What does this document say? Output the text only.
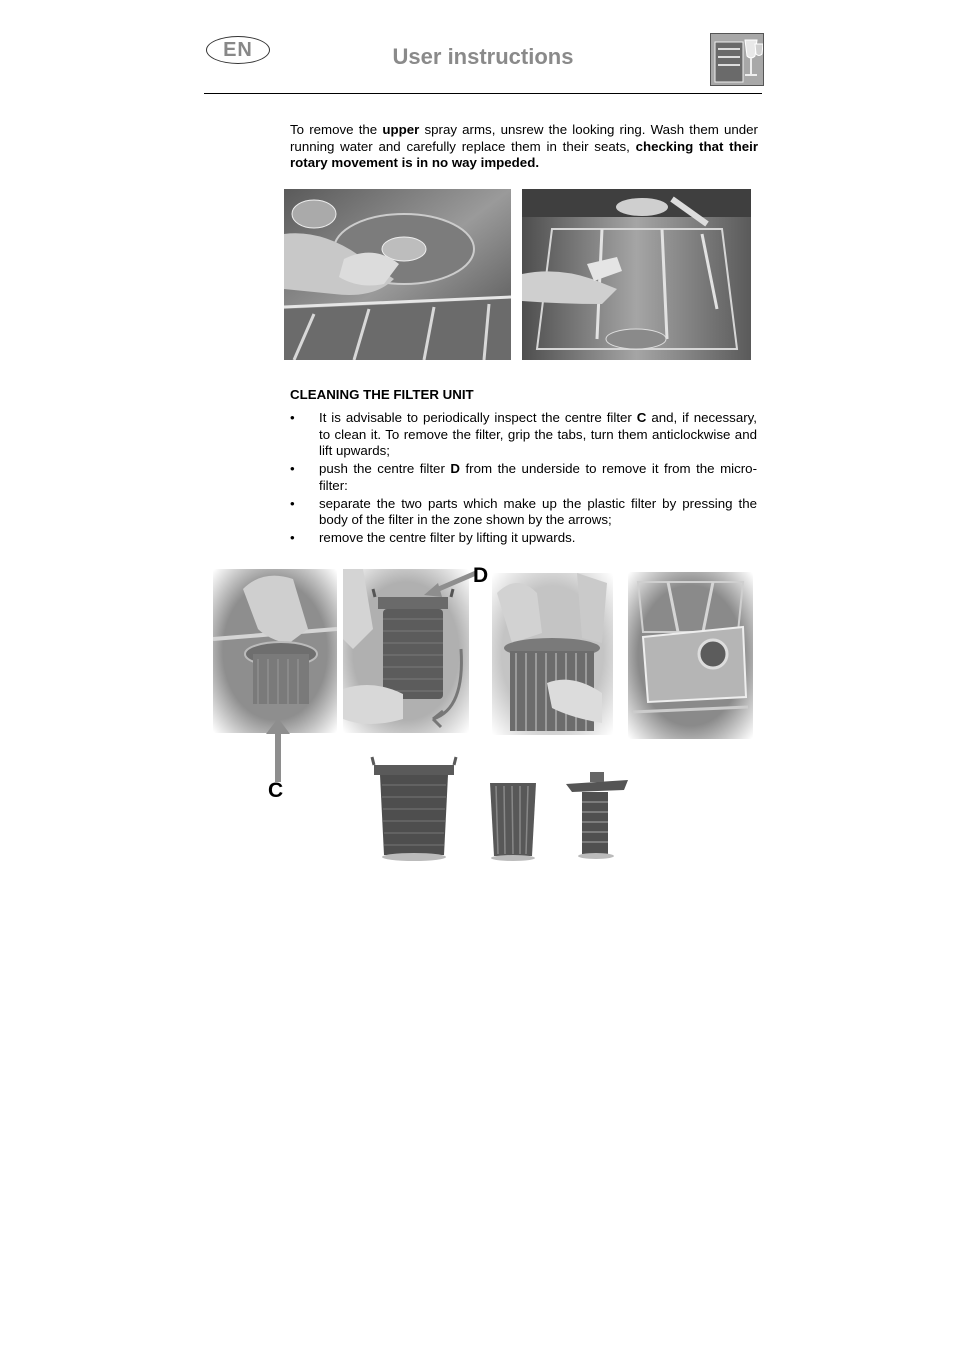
EN	User instructions

To remove the upper spray arms, unsrew the looking ring. Wash them under running water and carefully replace them in their seats, checking that their rotary movement is in no way impeded.

CLEANING THE FILTER UNIT
• It is advisable to periodically inspect the centre filter C and, if necessary, to clean it. To remove the filter, grip the tabs, turn them anticlockwise and lift upwards;
• push the centre filter D from the underside to remove it from the micro-filter:
• separate the two parts which make up the plastic filter by pressing the body of the filter in the zone shown by the arrows;
• remove the centre filter by lifting it upwards.
D
C
